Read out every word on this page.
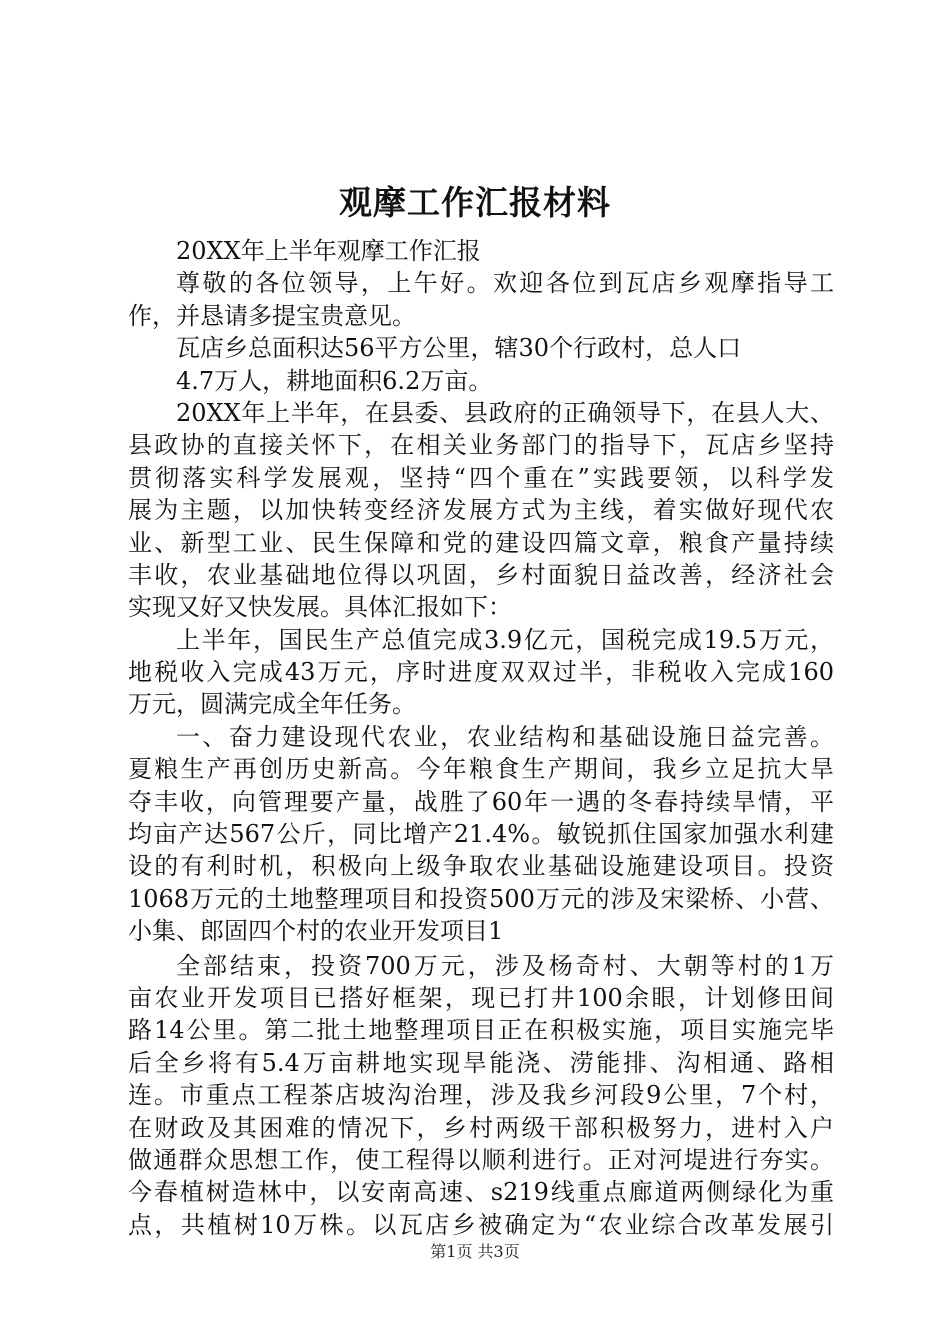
观摩工作汇报材料
20XX年上半年观摩工作汇报
尊敬的各位领导，上午好。欢迎各位到瓦店乡观摩指导工
作，并恳请多提宝贵意见。
瓦店乡总面积达56平方公里，辖30个行政村，总人口
4.7万人，耕地面积6.2万亩。
20XX年上半年，在县委、县政府的正确领导下，在县人大、
县政协的直接关怀下，在相关业务部门的指导下，瓦店乡坚持
贯彻落实科学发展观，坚持“四个重在”实践要领，以科学发
展为主题，以加快转变经济发展方式为主线，着实做好现代农
业、新型工业、民生保障和党的建设四篇文章，粮食产量持续
丰收，农业基础地位得以巩固，乡村面貌日益改善，经济社会
实现又好又快发展。具体汇报如下：
上半年，国民生产总值完成3.9亿元，国税完成19.5万元，
地税收入完成43万元，序时进度双双过半，非税收入完成160
万元，圆满完成全年任务。
一、奋力建设现代农业，农业结构和基础设施日益完善。
夏粮生产再创历史新高。今年粮食生产期间，我乡立足抗大旱
夺丰收，向管理要产量，战胜了60年一遇的冬春持续旱情，平
均亩产达567公斤，同比增产21.4%。敏锐抓住国家加强水利建
设的有利时机，积极向上级争取农业基础设施建设项目。投资
1068万元的土地整理项目和投资500万元的涉及宋梁桥、小营、
小集、郎固四个村的农业开发项目1
全部结束，投资700万元，涉及杨奇村、大朝等村的1万
亩农业开发项目已搭好框架，现已打井100余眼，计划修田间
路14公里。第二批土地整理项目正在积极实施，项目实施完毕
后全乡将有5.4万亩耕地实现旱能浇、涝能排、沟相通、路相
连。市重点工程茶店坡沟治理，涉及我乡河段9公里，7个村，
在财政及其困难的情况下，乡村两级干部积极努力，进村入户
做通群众思想工作，使工程得以顺利进行。正对河堤进行夯实。
今春植树造林中，以安南高速、s219线重点廊道两侧绿化为重
点，共植树10万株。以瓦店乡被确定为“农业综合改革发展引
第1页 共3页
